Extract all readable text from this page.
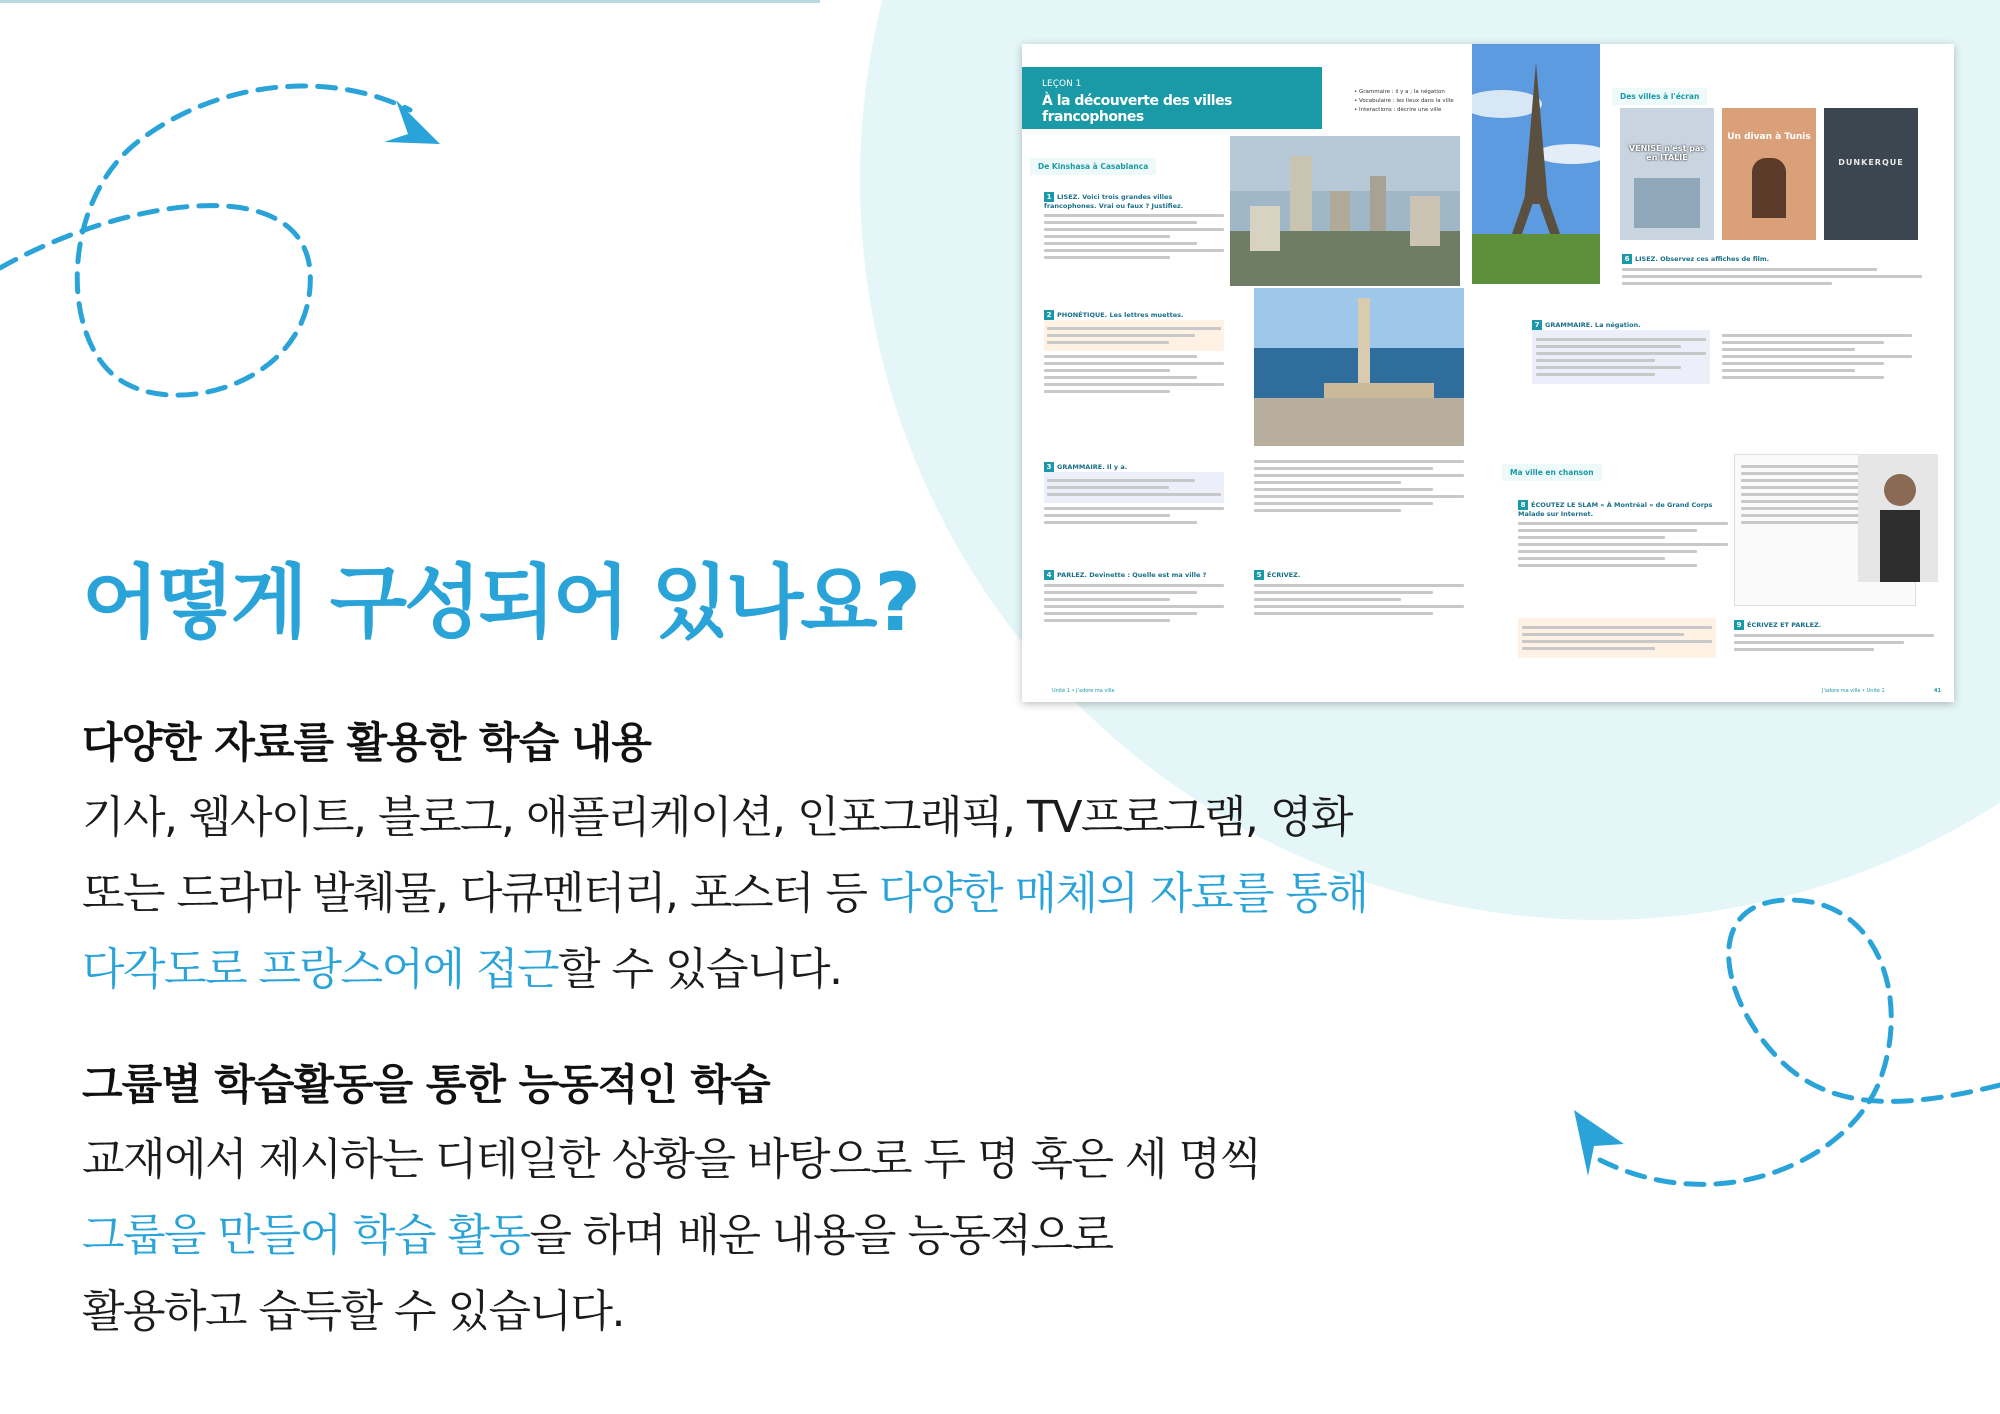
LEÇON 1
À la découverte des villes francophones
• Grammaire : il y a ; la négation
• Vocabulaire : les lieux dans la ville
• Interactions : décrire une ville
De Kinshasa à Casablanca
Des villes à l'écran
VENISE n'est pas en ITALIE
Un divan à Tunis
DUNKERQUE
1 LISEZ. Voici trois grandes villes francophones. Vrai ou faux ? Justifiez.
2 PHONÉTIQUE. Les lettres muettes.
3 GRAMMAIRE. Il y a.
4 PARLEZ. Devinette : Quelle est ma ville ?	5 ÉCRIVEZ.
6 LISEZ. Observez ces affiches de film.
7 GRAMMAIRE. La négation.

Ma ville en chanson
8 ÉCOUTEZ LE SLAM « À Montréal » de Grand Corps Malade sur Internet.
9 ÉCRIVEZ ET PARLEZ.
Unité 1 • J'adore ma ville	J'adore ma ville • Unité 1	41
어떻게 구성되어 있나요?
다양한 자료를 활용한 학습 내용
기사, 웹사이트, 블로그, 애플리케이션, 인포그래픽, TV프로그램, 영화
또는 드라마 발췌물, 다큐멘터리, 포스터 등 다양한 매체의 자료를 통해
다각도로 프랑스어에 접근할 수 있습니다.
그룹별 학습활동을 통한 능동적인 학습
교재에서 제시하는 디테일한 상황을 바탕으로 두 명 혹은 세 명씩
그룹을 만들어 학습 활동을 하며 배운 내용을 능동적으로
활용하고 습득할 수 있습니다.
